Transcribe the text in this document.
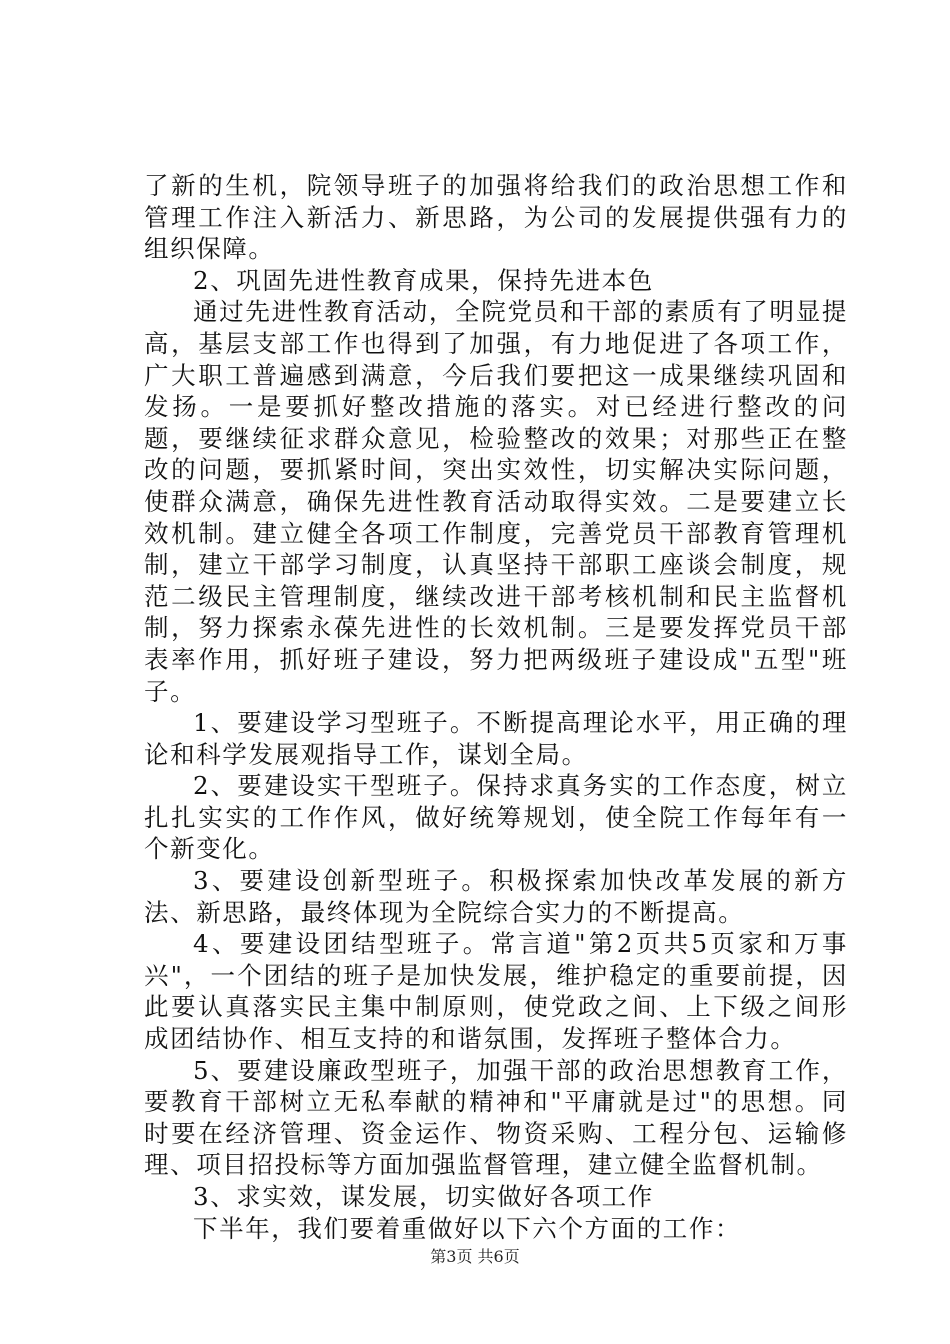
了新的生机，院领导班子的加强将给我们的政治思想工作和管理工作注入新活力、新思路，为公司的发展提供强有力的组织保障。

2、巩固先进性教育成果，保持先进本色

通过先进性教育活动，全院党员和干部的素质有了明显提高，基层支部工作也得到了加强，有力地促进了各项工作，广大职工普遍感到满意，今后我们要把这一成果继续巩固和发扬。一是要抓好整改措施的落实。对已经进行整改的问题，要继续征求群众意见，检验整改的效果；对那些正在整改的问题，要抓紧时间，突出实效性，切实解决实际问题，使群众满意，确保先进性教育活动取得实效。二是要建立长效机制。建立健全各项工作制度，完善党员干部教育管理机制，建立干部学习制度，认真坚持干部职工座谈会制度，规范二级民主管理制度，继续改进干部考核机制和民主监督机制，努力探索永葆先进性的长效机制。三是要发挥党员干部表率作用，抓好班子建设，努力把两级班子建设成"五型"班子。

1、要建设学习型班子。不断提高理论水平，用正确的理论和科学发展观指导工作，谋划全局。

2、要建设实干型班子。保持求真务实的工作态度，树立扎扎实实的工作作风，做好统筹规划，使全院工作每年有一个新变化。

3、要建设创新型班子。积极探索加快改革发展的新方法、新思路，最终体现为全院综合实力的不断提高。

4、要建设团结型班子。常言道"第2页共5页家和万事兴"，一个团结的班子是加快发展，维护稳定的重要前提，因此要认真落实民主集中制原则，使党政之间、上下级之间形成团结协作、相互支持的和谐氛围，发挥班子整体合力。

5、要建设廉政型班子，加强干部的政治思想教育工作，要教育干部树立无私奉献的精神和"平庸就是过"的思想。同时要在经济管理、资金运作、物资采购、工程分包、运输修理、项目招投标等方面加强监督管理，建立健全监督机制。

3、求实效，谋发展，切实做好各项工作

下半年，我们要着重做好以下六个方面的工作：

第3页 共6页
